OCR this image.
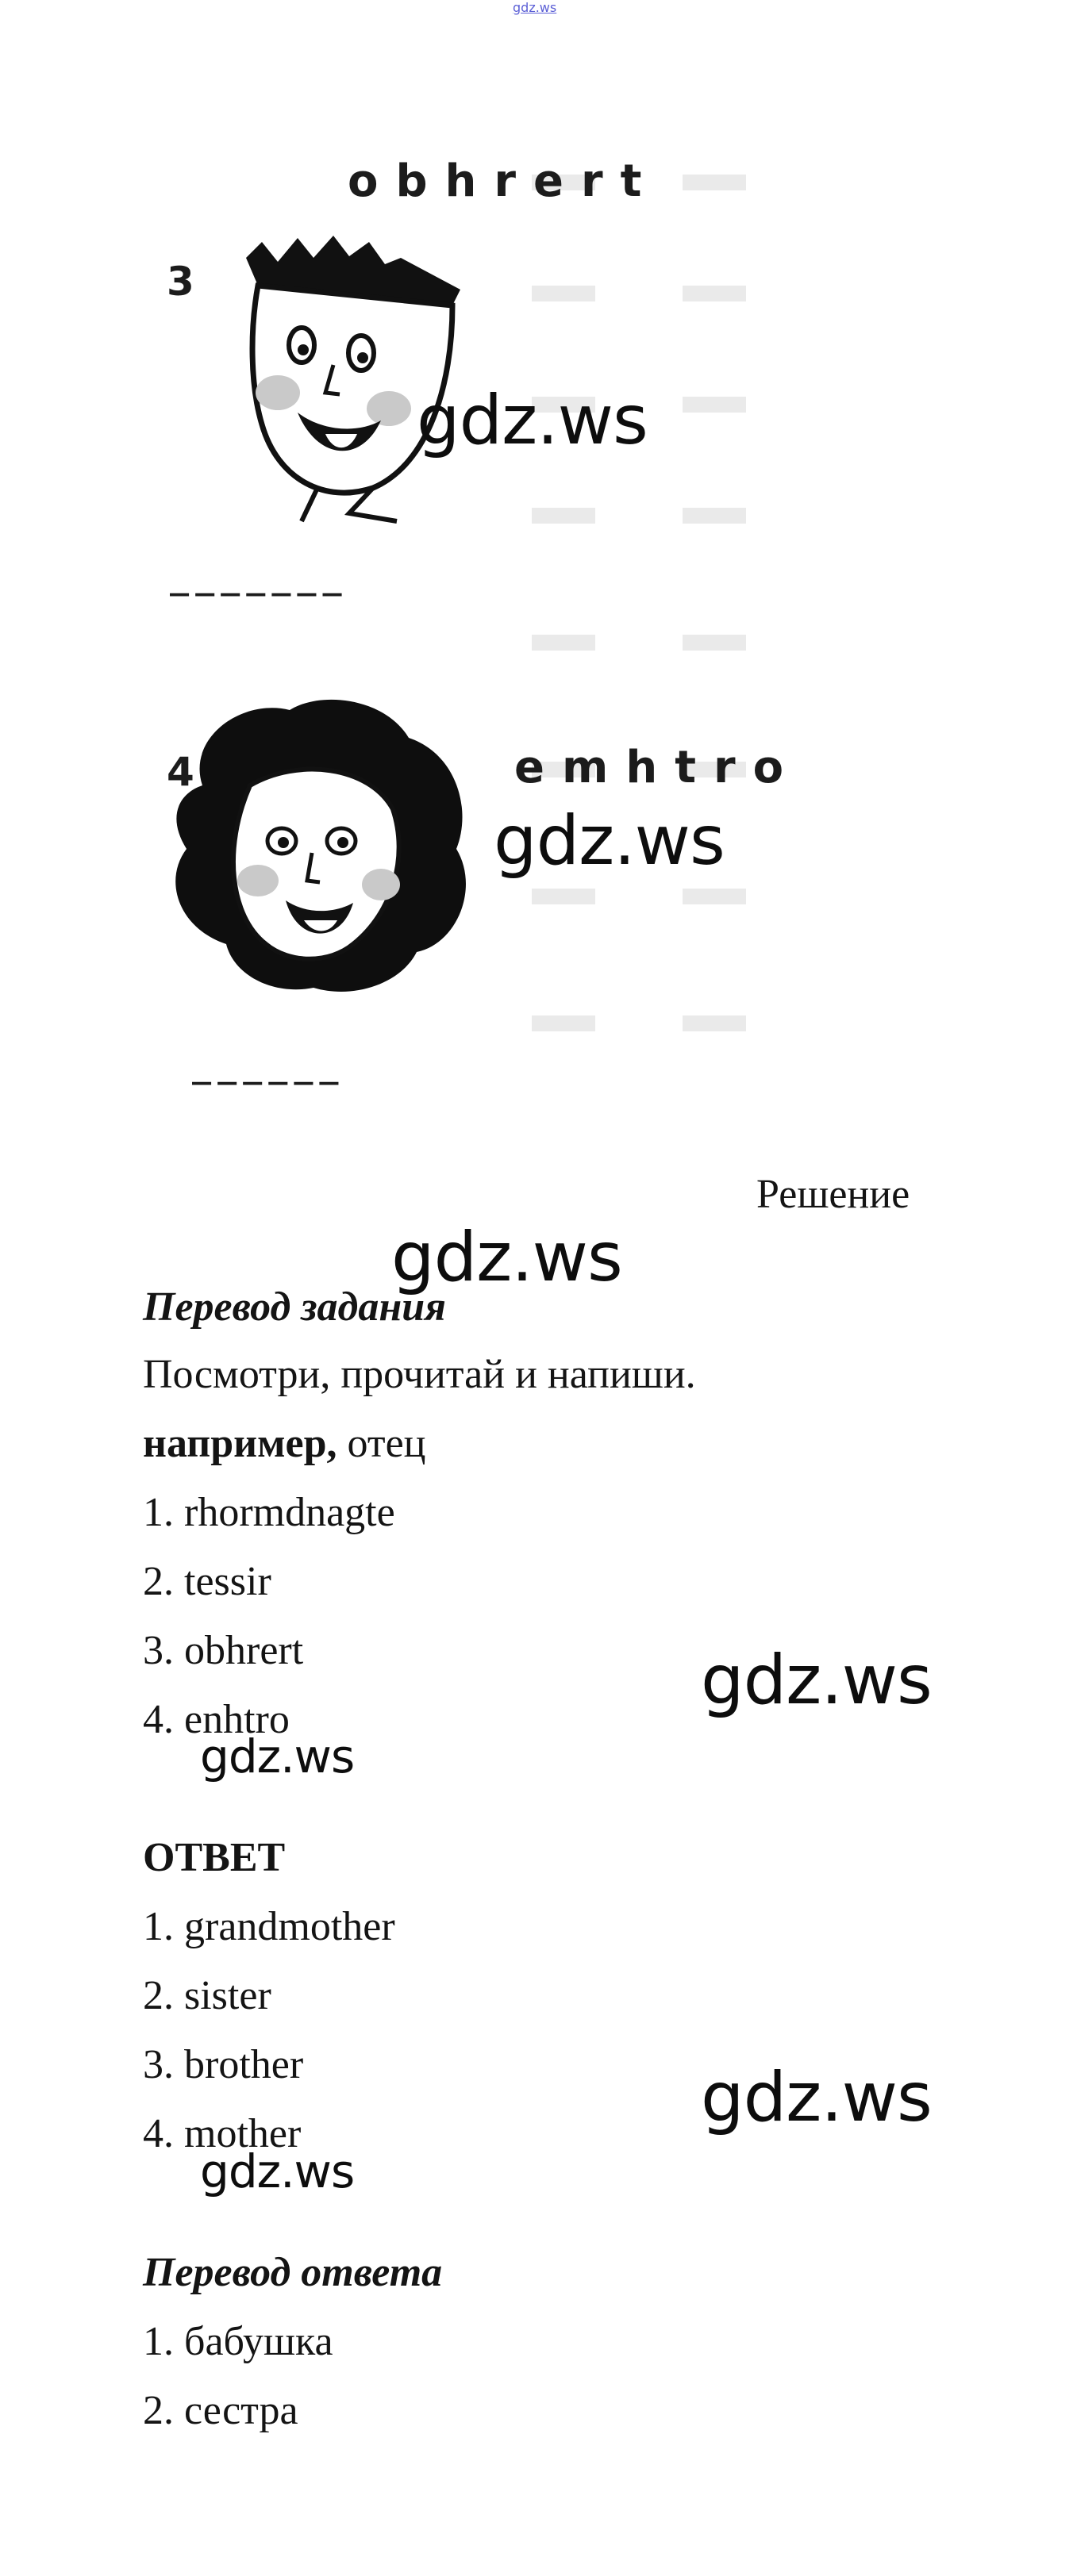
gdz.ws
obhrert
3
gdz.ws
_______
4	emhtro
gdz.ws
______
Решение
gdz.ws
Перевод задания
Посмотри, прочитай и напиши.
например, отец
1. rhormdnagte
2. tessir
3. obhrert	gdz.ws
4. enhtro
gdz.ws
ОТВЕТ
1. grandmother
2. sister
3. brother	gdz.ws
4. mother
gdz.ws
Перевод ответа
1. бабушка
2. сестра
